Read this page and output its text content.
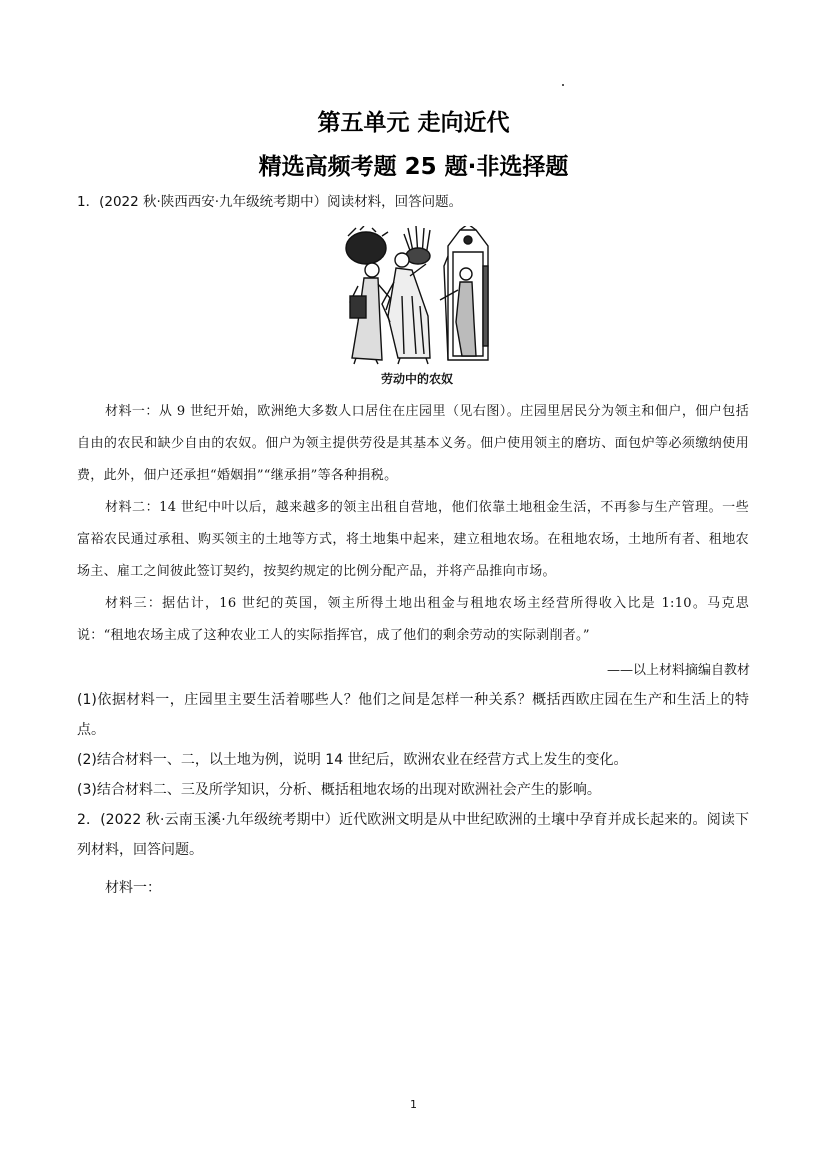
第五单元 走向近代
精选高频考题 25 题·非选择题
1．(2022 秋·陕西西安·九年级统考期中）阅读材料，回答问题。
劳动中的农奴

材料一：从 9 世纪开始，欧洲绝大多数人口居住在庄园里（见右图）。庄园里居民分为领主和佃户，佃户包括自由的农民和缺少自由的农奴。佃户为领主提供劳役是其基本义务。佃户使用领主的磨坊、面包炉等必须缴纳使用费，此外，佃户还承担“婚姻捐”“继承捐”等各种捐税。

材料二：14 世纪中叶以后，越来越多的领主出租自营地，他们依靠土地租金生活，不再参与生产管理。一些富裕农民通过承租、购买领主的土地等方式，将土地集中起来，建立租地农场。在租地农场，土地所有者、租地农场主、雇工之间彼此签订契约，按契约规定的比例分配产品，并将产品推向市场。

材料三：据估计，16 世纪的英国，领主所得土地出租金与租地农场主经营所得收入比是 1:10。马克思说：“租地农场主成了这种农业工人的实际指挥官，成了他们的剩余劳动的实际剥削者。”

——以上材料摘编自教材

(1)依据材料一，庄园里主要生活着哪些人？他们之间是怎样一种关系？概括西欧庄园在生产和生活上的特点。

(2)结合材料一、二，以土地为例，说明 14 世纪后，欧洲农业在经营方式上发生的变化。

(3)结合材料二、三及所学知识，分析、概括租地农场的出现对欧洲社会产生的影响。

2．(2022 秋·云南玉溪·九年级统考期中）近代欧洲文明是从中世纪欧洲的土壤中孕育并成长起来的。阅读下列材料，回答问题。

材料一：

1
